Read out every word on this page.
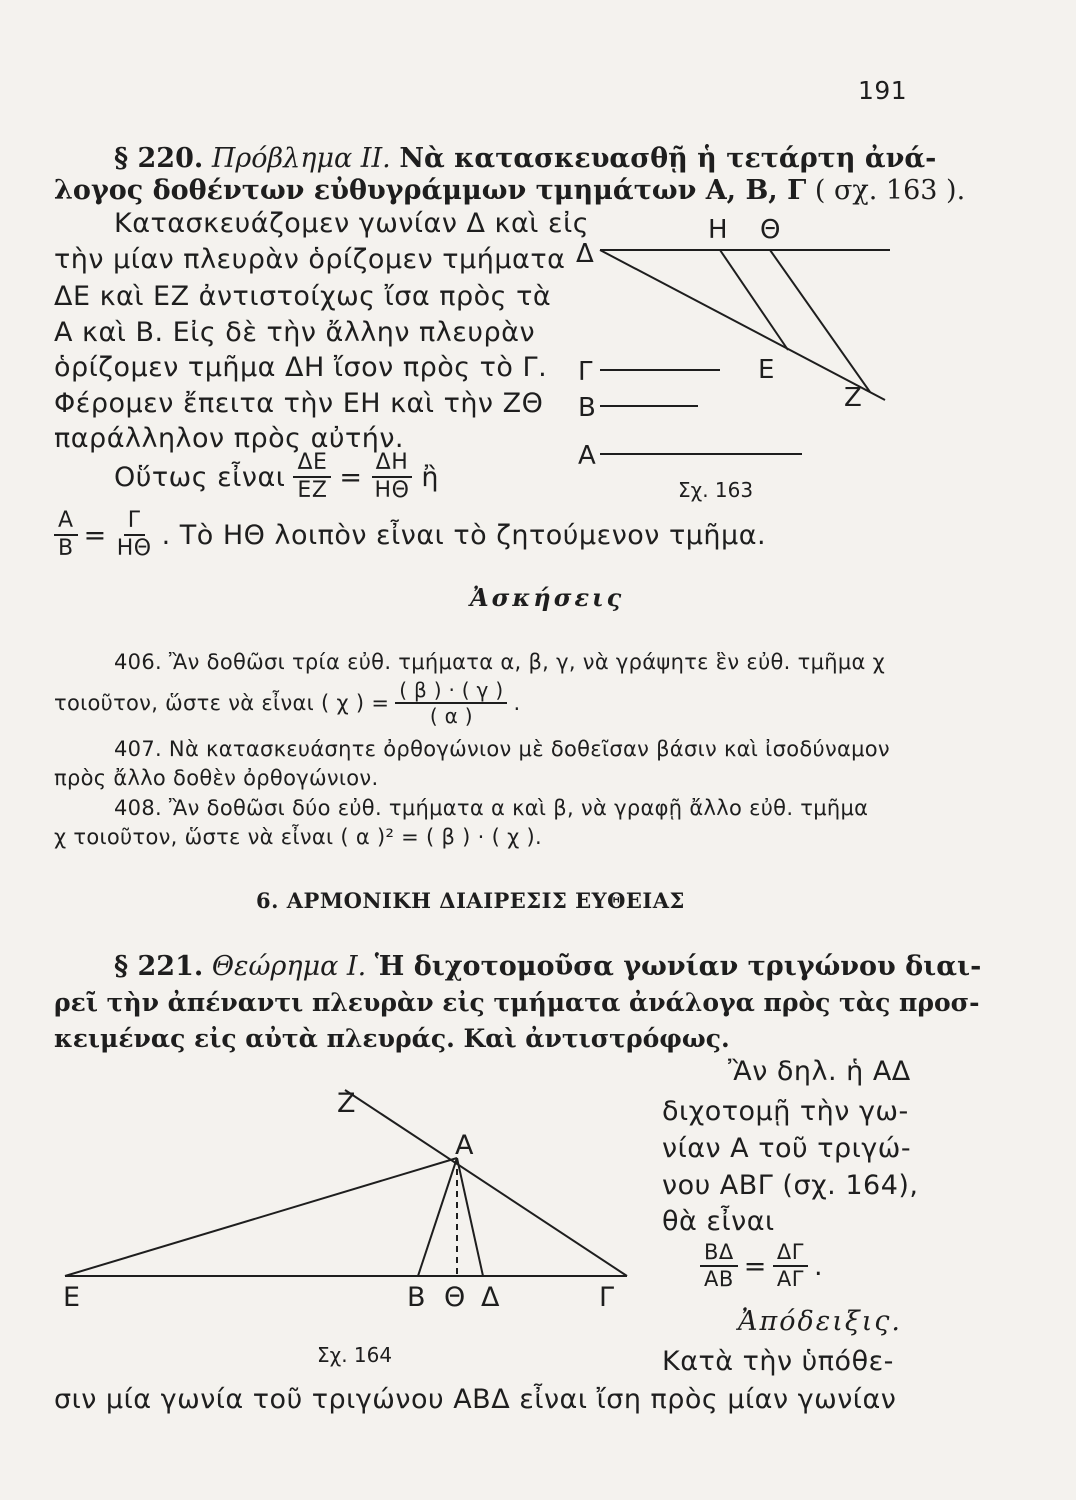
191
§ 220. Πρόβλημα ΙΙ. Νὰ κατασκευασθῇ ἡ τετάρτη ἀνά-
λογος δοθέντων εὐθυγράμμων τμημάτων Α, Β, Γ ( σχ. 163 ).
Κατασκευάζομεν γωνίαν Δ καὶ εἰς
τὴν μίαν πλευρὰν ὁρίζομεν τμήματα
ΔΕ καὶ ΕΖ ἀντιστοίχως ἴσα πρὸς τὰ
Α καὶ Β. Εἰς δὲ τὴν ἄλλην πλευρὰν
ὁρίζομεν τμῆμα ΔΗ ἴσον πρὸς τὸ Γ.
Φέρομεν ἔπειτα τὴν ΕΗ καὶ τὴν ΖΘ
παράλληλον πρὸς αὐτήν.
Οὕτως εἶναι $\frac{\Delta E}{EZ} = \frac{\Delta H}{H\Theta}$ ἢ
$\frac{A}{B} = \frac{\Gamma}{H\Theta}$ . Τὸ ΗΘ λοιπὸν εἶναι τὸ ζητούμενον τμῆμα.
Η Θ
Δ
Ε
Ζ
Γ
Β
Α
Σχ. 163
Ἀσκήσεις
406. Ἂν δοθῶσι τρία εὐθ. τμήματα α, β, γ, νὰ γράψητε ἓν εὐθ. τμῆμα χ
τοιοῦτον, ὥστε νὰ εἶναι ( χ ) = $\frac{( \beta ) \cdot ( \gamma )}{( \alpha )}$ .
407. Νὰ κατασκευάσητε ὀρθογώνιον μὲ δοθεῖσαν βάσιν καὶ ἰσοδύναμον
πρὸς ἄλλο δοθὲν ὀρθογώνιον.
408. Ἂν δοθῶσι δύο εὐθ. τμήματα α καὶ β, νὰ γραφῇ ἄλλο εὐθ. τμῆμα
χ τοιοῦτον, ὥστε νὰ εἶναι ( α )² = ( β ) · ( χ ).
6. ΑΡΜΟΝΙΚΗ ΔΙΑΙΡΕΣΙΣ ΕΥΘΕΙΑΣ
§ 221. Θεώρημα Ι. Ἡ διχοτομοῦσα γωνίαν τριγώνου διαι-
ρεῖ τὴν ἀπέναντι πλευρὰν εἰς τμήματα ἀνάλογα πρὸς τὰς προσ-
κειμένας εἰς αὐτὰ πλευράς. Καὶ ἀντιστρόφως.
Ἂν δηλ. ἡ ΑΔ
διχοτομῇ τὴν γω-
νίαν Α τοῦ τριγώ-
νου ΑΒΓ (σχ. 164),
θὰ εἶναι
$\frac{B\Delta}{AB} = \frac{\Delta\Gamma}{A\Gamma}$ .
Ἀπόδειξις.
Κατὰ τὴν ὑπόθε-
σιν μία γωνία τοῦ τριγώνου ΑΒΔ εἶναι ἴση πρὸς μίαν γωνίαν
Ζ
Α
Ε	Β Θ Δ	Γ
Σχ. 164
